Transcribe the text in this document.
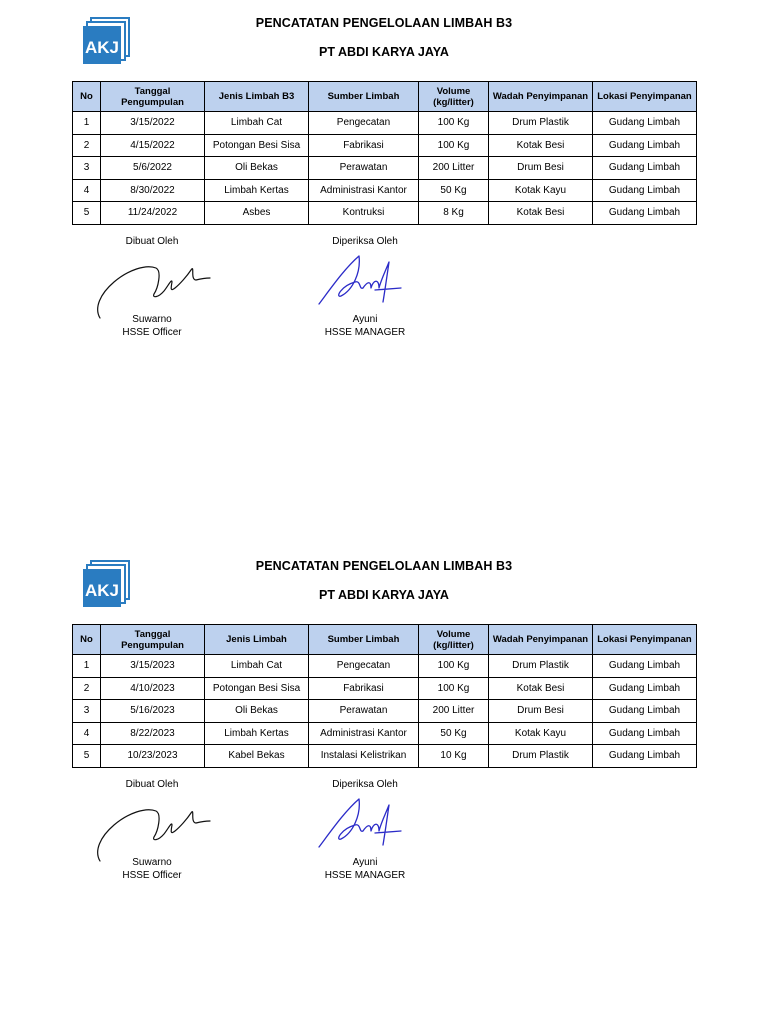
AKJ
PENCATATAN PENGELOLAAN LIMBAH B3
PT ABDI KARYA JAYA
No	Tanggal Pengumpulan	Jenis Limbah B3	Sumber Limbah	Volume (kg/litter)	Wadah Penyimpanan	Lokasi Penyimpanan
1	3/15/2022	Limbah Cat	Pengecatan	100 Kg	Drum Plastik	Gudang Limbah
2	4/15/2022	Potongan Besi Sisa	Fabrikasi	100 Kg	Kotak Besi	Gudang Limbah
3	5/6/2022	Oli Bekas	Perawatan	200 Litter	Drum Besi	Gudang Limbah
4	8/30/2022	Limbah Kertas	Administrasi Kantor	50 Kg	Kotak Kayu	Gudang Limbah
5	11/24/2022	Asbes	Kontruksi	8 Kg	Kotak Besi	Gudang Limbah
Dibuat Oleh
Suwarno
HSSE Officer
Diperiksa Oleh
Ayuni
HSSE MANAGER
AKJ
PENCATATAN PENGELOLAAN LIMBAH B3
PT ABDI KARYA JAYA
No	Tanggal Pengumpulan	Jenis Limbah	Sumber Limbah	Volume (kg/litter)	Wadah Penyimpanan	Lokasi Penyimpanan
1	3/15/2023	Limbah Cat	Pengecatan	100 Kg	Drum Plastik	Gudang Limbah
2	4/10/2023	Potongan Besi Sisa	Fabrikasi	100 Kg	Kotak Besi	Gudang Limbah
3	5/16/2023	Oli Bekas	Perawatan	200 Litter	Drum Besi	Gudang Limbah
4	8/22/2023	Limbah Kertas	Administrasi Kantor	50 Kg	Kotak Kayu	Gudang Limbah
5	10/23/2023	Kabel Bekas	Instalasi Kelistrikan	10 Kg	Drum Plastik	Gudang Limbah
Dibuat Oleh
Suwarno
HSSE Officer
Diperiksa Oleh
Ayuni
HSSE MANAGER
